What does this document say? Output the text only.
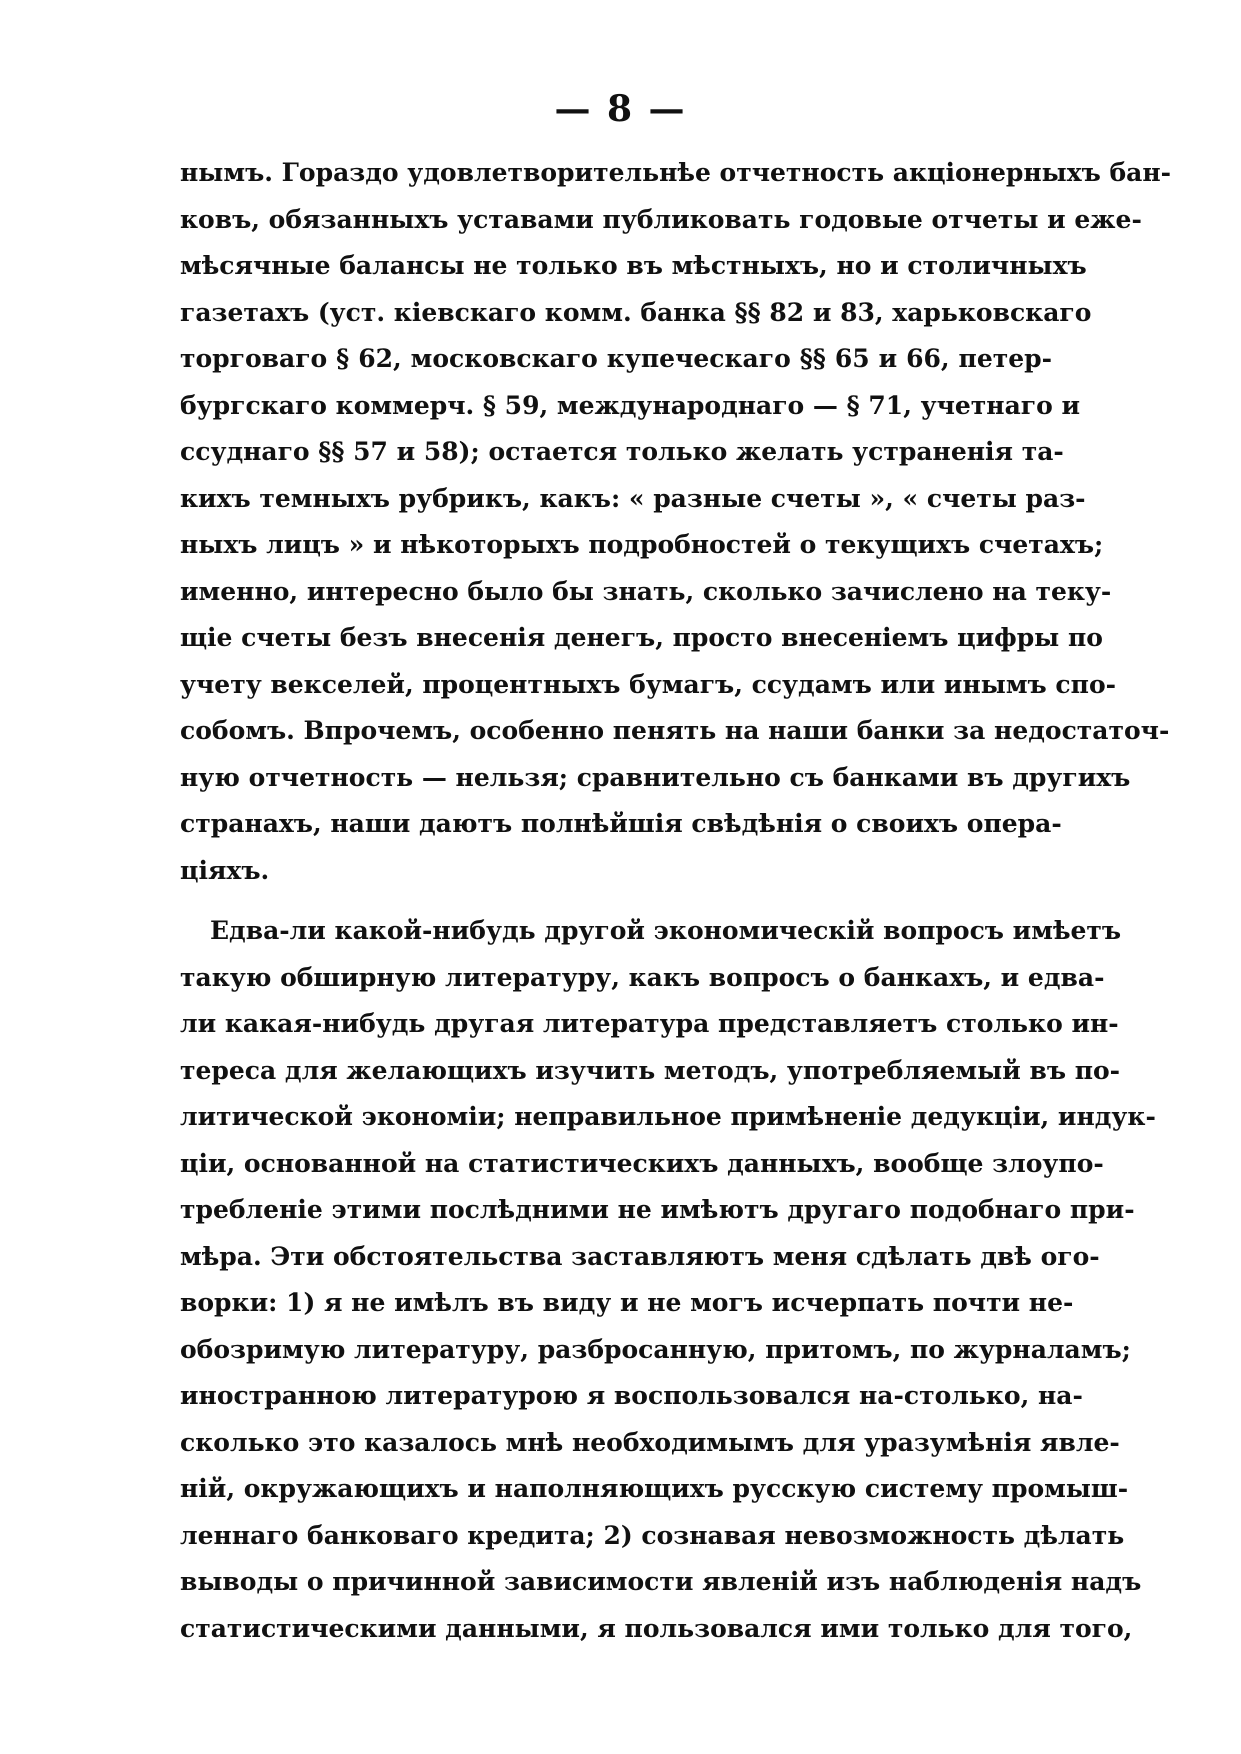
— 8 —
нымъ. Гораздо удовлетворительнѣе отчетность акціонерныхъ бан-
ковъ, обязанныхъ уставами публиковать годовые отчеты и еже-
мѣсячные балансы не только въ мѣстныхъ, но и столичныхъ
газетахъ (уст. кіевскаго комм. банка §§ 82 и 83, харьковскаго
торговаго § 62, московскаго купеческаго §§ 65 и 66, петер-
бургскаго коммерч. § 59, международнаго — § 71, учетнаго и
ссуднаго §§ 57 и 58); остается только желать устраненія та-
кихъ темныхъ рубрикъ, какъ: « разные счеты », « счеты раз-
ныхъ лицъ » и нѣкоторыхъ подробностей о текущихъ счетахъ;
именно, интересно было бы знать, сколько зачислено на теку-
щіе счеты безъ внесенія денегъ, просто внесеніемъ цифры по
учету векселей, процентныхъ бумагъ, ссудамъ или инымъ спо-
собомъ. Впрочемъ, особенно пенять на наши банки за недостаточ-
ную отчетность — нельзя; сравнительно съ банками въ другихъ
странахъ, наши даютъ полнѣйшія свѣдѣнія о своихъ опера-
ціяхъ.
Едва-ли какой-нибудь другой экономическій вопросъ имѣетъ
такую обширную литературу, какъ вопросъ о банкахъ, и едва-
ли какая-нибудь другая литература представляетъ столько ин-
тереса для желающихъ изучить методъ, употребляемый въ по-
литической экономіи; неправильное примѣненіе дедукціи, индук-
ціи, основанной на статистическихъ данныхъ, вообще злоупо-
требленіе этими послѣдними не имѣютъ другаго подобнаго при-
мѣра. Эти обстоятельства заставляютъ меня сдѣлать двѣ ого-
ворки: 1) я не имѣлъ въ виду и не могъ исчерпать почти не-
обозримую литературу, разбросанную, притомъ, по журналамъ;
иностранною литературою я воспользовался на-столько, на-
сколько это казалось мнѣ необходимымъ для уразумѣнія явле-
ній, окружающихъ и наполняющихъ русскую систему промыш-
леннаго банковаго кредита; 2) сознавая невозможность дѣлать
выводы о причинной зависимости явленій изъ наблюденія надъ
статистическими данными, я пользовался ими только для того,
